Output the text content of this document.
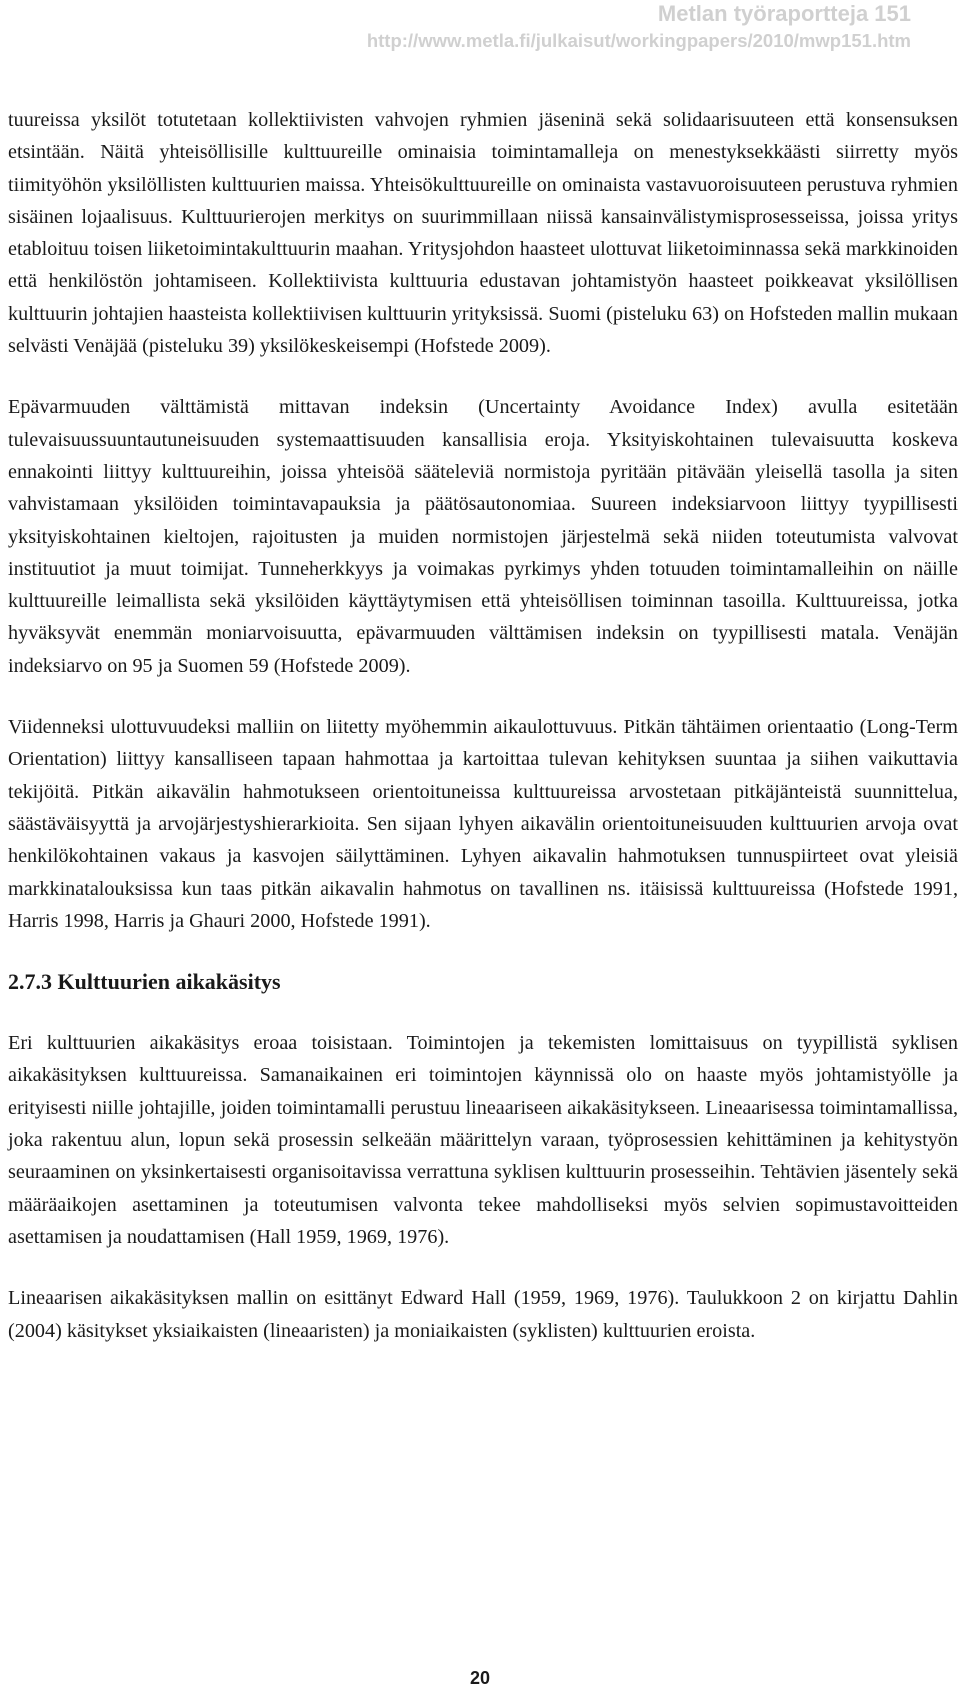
Metlan työraportteja 151
http://www.metla.fi/julkaisut/workingpapers/2010/mwp151.htm

tuureissa yksilöt totutetaan kollektiivisten vahvojen ryhmien jäseninä sekä solidaarisuuteen että konsensuksen etsintään. Näitä yhteisöllisille kulttuureille ominaisia toimintamalleja on menestyksekkäästi siirretty myös tiimityöhön yksilöllisten kulttuurien maissa. Yhteisökulttuureille on ominaista vastavuoroisuuteen perustuva ryhmien sisäinen lojaalisuus. Kulttuurierojen merkitys on suurimmillaan niissä kansainvälistymisprosesseissa, joissa yritys etabloituu toisen liiketoimintakulttuurin maahan. Yritysjohdon haasteet ulottuvat liiketoiminnassa sekä markkinoiden että henkilöstön johtamiseen. Kollektiivista kulttuuria edustavan johtamistyön haasteet poikkeavat yksilöllisen kulttuurin johtajien haasteista kollektiivisen kulttuurin yrityksissä. Suomi (pisteluku 63) on Hofsteden mallin mukaan selvästi Venäjää (pisteluku 39) yksilökeskeisempi (Hofstede 2009).

Epävarmuuden välttämistä mittavan indeksin (Uncertainty Avoidance Index) avulla esitetään tulevaisuussuuntautuneisuuden systemaattisuuden kansallisia eroja. Yksityiskohtainen tulevaisuutta koskeva ennakointi liittyy kulttuureihin, joissa yhteisöä sääteleviä normistoja pyritään pitävään yleisellä tasolla ja siten vahvistamaan yksilöiden toimintavapauksia ja päätösautonomiaa. Suureen indeksiarvoon liittyy tyypillisesti yksityiskohtainen kieltojen, rajoitusten ja muiden normistojen järjestelmä sekä niiden toteutumista valvovat instituutiot ja muut toimijat. Tunneherkkyys ja voimakas pyrkimys yhden totuuden toimintamalleihin on näille kulttuureille leimallista sekä yksilöiden käyttäytymisen että yhteisöllisen toiminnan tasoilla. Kulttuureissa, jotka hyväksyvät enemmän moniarvoisuutta, epävarmuuden välttämisen indeksin on tyypillisesti matala. Venäjän indeksiarvo on 95 ja Suomen 59 (Hofstede 2009).

Viidenneksi ulottuvuudeksi malliin on liitetty myöhemmin aikaulottuvuus. Pitkän tähtäimen orientaatio (Long-Term Orientation) liittyy kansalliseen tapaan hahmottaa ja kartoittaa tulevan kehityksen suuntaa ja siihen vaikuttavia tekijöitä. Pitkän aikavälin hahmotukseen orientoituneissa kulttuureissa arvostetaan pitkäjänteistä suunnittelua, säästäväisyyttä ja arvojärjestyshierarkioita. Sen sijaan lyhyen aikavälin orientoituneisuuden kulttuurien arvoja ovat henkilökohtainen vakaus ja kasvojen säilyttäminen. Lyhyen aikavalin hahmotuksen tunnuspiirteet ovat yleisiä markkinatalouksissa kun taas pitkän aikavalin hahmotus on tavallinen ns. itäisissä kulttuureissa (Hofstede 1991, Harris 1998, Harris ja Ghauri 2000, Hofstede 1991).

2.7.3 Kulttuurien aikakäsitys

Eri kulttuurien aikakäsitys eroaa toisistaan. Toimintojen ja tekemisten lomittaisuus on tyypillistä syklisen aikakäsityksen kulttuureissa. Samanaikainen eri toimintojen käynnissä olo on haaste myös johtamistyölle ja erityisesti niille johtajille, joiden toimintamalli perustuu lineaariseen aikakäsitykseen. Lineaarisessa toimintamallissa, joka rakentuu alun, lopun sekä prosessin selkeään määrittelyn varaan, työprosessien kehittäminen ja kehitystyön seuraaminen on yksinkertaisesti organisoitavissa verrattuna syklisen kulttuurin prosesseihin. Tehtävien jäsentely sekä määräaikojen asettaminen ja toteutumisen valvonta tekee mahdolliseksi myös selvien sopimustavoitteiden asettamisen ja noudattamisen (Hall 1959, 1969, 1976).

Lineaarisen aikakäsityksen mallin on esittänyt Edward Hall (1959, 1969, 1976). Taulukkoon 2 on kirjattu Dahlin (2004) käsitykset yksiaikaisten (lineaaristen) ja moniaikaisten (syklisten) kulttuurien eroista.

20
